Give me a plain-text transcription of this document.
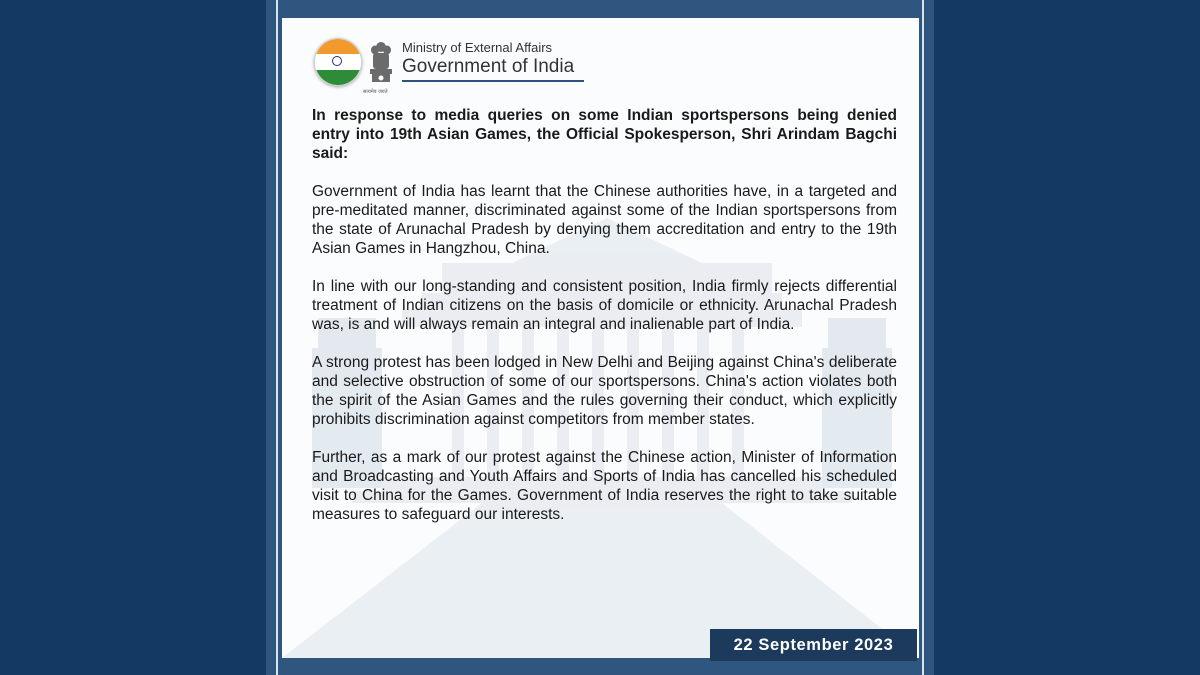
सत्यमेव जयते
Ministry of External Affairs
Government of India

In response to media queries on some Indian sportspersons being denied entry into 19th Asian Games, the Official Spokesperson, Shri Arindam Bagchi said:

Government of India has learnt that the Chinese authorities have, in a targeted and pre-meditated manner, discriminated against some of the Indian sportspersons from the state of Arunachal Pradesh by denying them accreditation and entry to the 19th Asian Games in Hangzhou, China.

In line with our long-standing and consistent position, India firmly rejects differential treatment of Indian citizens on the basis of domicile or ethnicity. Arunachal Pradesh was, is and will always remain an integral and inalienable part of India.

A strong protest has been lodged in New Delhi and Beijing against China's deliberate and selective obstruction of some of our sportspersons. China's action violates both the spirit of the Asian Games and the rules governing their conduct, which explicitly prohibits discrimination against competitors from member states.

Further, as a mark of our protest against the Chinese action, Minister of Information and Broadcasting and Youth Affairs and Sports of India has cancelled his scheduled visit to China for the Games. Government of India reserves the right to take suitable measures to safeguard our interests.

22 September 2023
